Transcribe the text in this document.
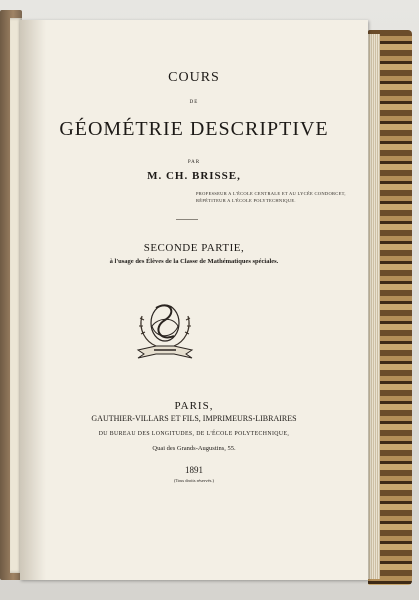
COURS
DE
GÉOMÉTRIE DESCRIPTIVE
PAR
M. CH. BRISSE,
PROFESSEUR A L'ÉCOLE CENTRALE ET AU LYCÉE CONDORCET,
RÉPÉTITEUR A L'ÉCOLE POLYTECHNIQUE.
SECONDE PARTIE,
à l'usage des Élèves de la Classe de Mathématiques spéciales.
PARIS,
GAUTHIER-VILLARS ET FILS, IMPRIMEURS-LIBRAIRES
DU BUREAU DES LONGITUDES, DE L'ÉCOLE POLYTECHNIQUE,
Quai des Grands-Augustins, 55.
1891
(Tous droits réservés.)
